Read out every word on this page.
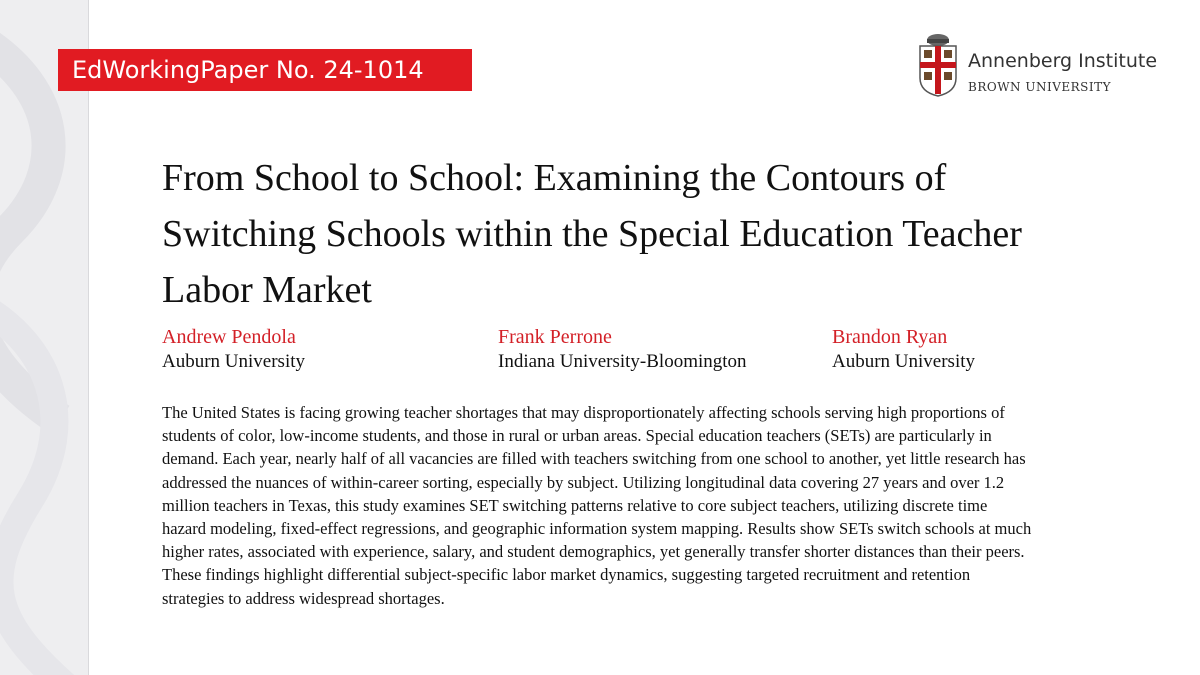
EdWorkingPaper No. 24-1014	Annenberg Institute
BROWN UNIVERSITY
From School to School: Examining the Contours of Switching Schools within the Special Education Teacher Labor Market
Andrew Pendola
Auburn University
Frank Perrone
Indiana University-Bloomington
Brandon Ryan
Auburn University

The United States is facing growing teacher shortages that may disproportionately affecting schools serving high proportions of students of color, low-income students, and those in rural or urban areas. Special education teachers (SETs) are particularly in demand. Each year, nearly half of all vacancies are filled with teachers switching from one school to another, yet little research has addressed the nuances of within-career sorting, especially by subject. Utilizing longitudinal data covering 27 years and over 1.2 million teachers in Texas, this study examines SET switching patterns relative to core subject teachers, utilizing discrete time hazard modeling, fixed-effect regressions, and geographic information system mapping. Results show SETs switch schools at much higher rates, associated with experience, salary, and student demographics, yet generally transfer shorter distances than their peers. These findings highlight differential subject-specific labor market dynamics, suggesting targeted recruitment and retention strategies to address widespread shortages.
